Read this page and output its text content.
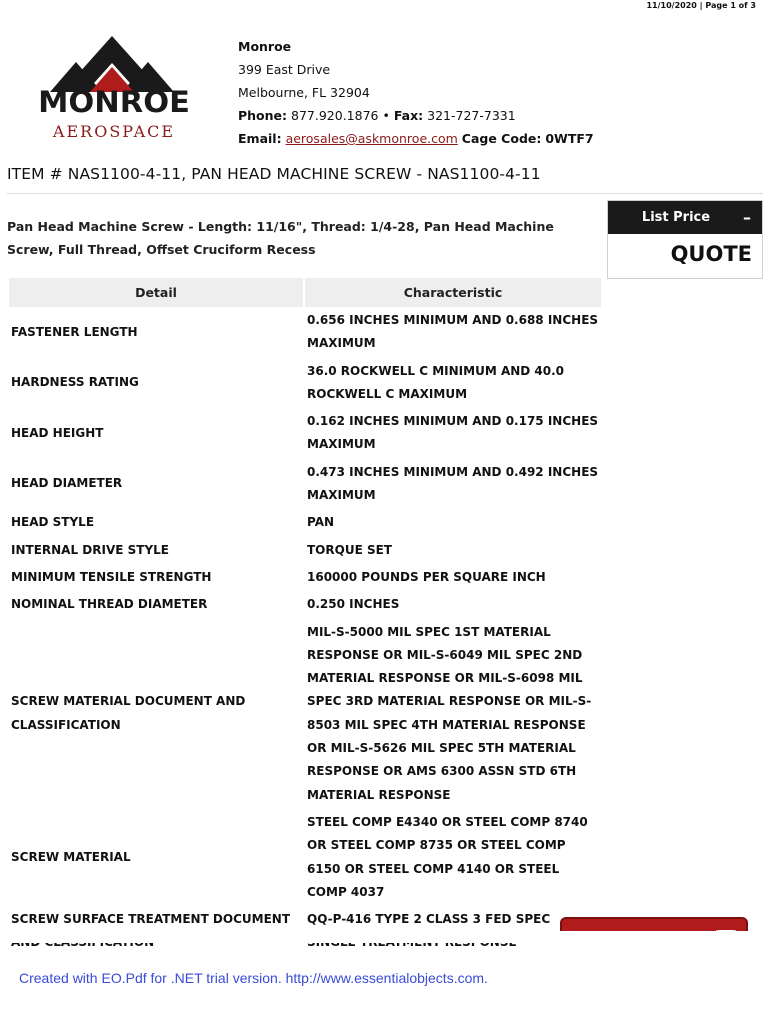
11/10/2020 | Page 1 of 3
MONROE
AEROSPACE
Monroe
399 East Drive
Melbourne, FL 32904
Phone: 877.920.1876 • Fax: 321-727-7331
Email: aerosales@askmonroe.com Cage Code: 0WTF7
ITEM # NAS1100-4-11, PAN HEAD MACHINE SCREW - NAS1100-4-11
Pan Head Machine Screw - Length: 11/16", Thread: 1/4-28, Pan Head Machine Screw, Full Thread, Offset Cruciform Recess
List Price	–
QUOTE
Detail	Characteristic
FASTENER LENGTH	0.656 INCHES MINIMUM AND 0.688 INCHES MAXIMUM
HARDNESS RATING	36.0 ROCKWELL C MINIMUM AND 40.0 ROCKWELL C MAXIMUM
HEAD HEIGHT	0.162 INCHES MINIMUM AND 0.175 INCHES MAXIMUM
HEAD DIAMETER	0.473 INCHES MINIMUM AND 0.492 INCHES MAXIMUM
HEAD STYLE	PAN
INTERNAL DRIVE STYLE	TORQUE SET
MINIMUM TENSILE STRENGTH	160000 POUNDS PER SQUARE INCH
NOMINAL THREAD DIAMETER	0.250 INCHES
SCREW MATERIAL DOCUMENT AND CLASSIFICATION	MIL-S-5000 MIL SPEC 1ST MATERIAL RESPONSE OR MIL-S-6049 MIL SPEC 2ND MATERIAL RESPONSE OR MIL-S-6098 MIL SPEC 3RD MATERIAL RESPONSE OR MIL-S-8503 MIL SPEC 4TH MATERIAL RESPONSE OR MIL-S-5626 MIL SPEC 5TH MATERIAL RESPONSE OR AMS 6300 ASSN STD 6TH MATERIAL RESPONSE
SCREW MATERIAL	STEEL COMP E4340 OR STEEL COMP 8740 OR STEEL COMP 8735 OR STEEL COMP 6150 OR STEEL COMP 4140 OR STEEL COMP 4037
SCREW SURFACE TREATMENT DOCUMENT	QQ-P-416 TYPE 2 CLASS 3 FED SPEC
Created with EO.Pdf for .NET trial version. http://www.essentialobjects.com.
